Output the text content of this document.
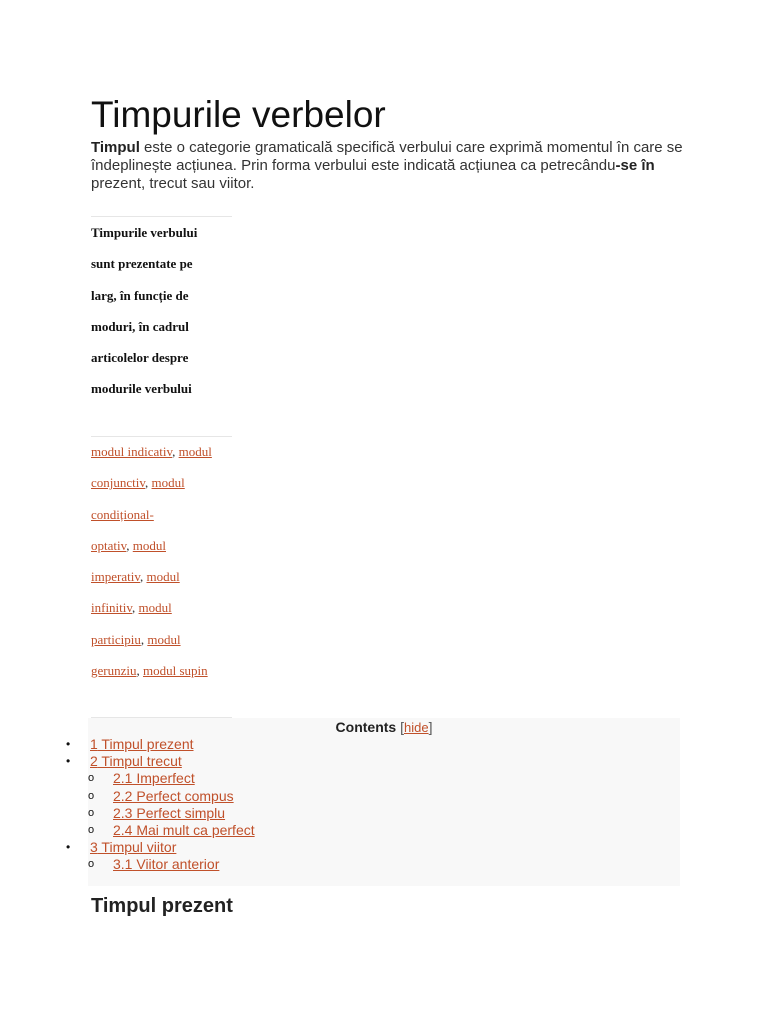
Timpurile verbelor

Timpul este o categorie gramaticală specifică verbului care exprimă momentul în care se îndeplinește acțiunea. Prin forma verbului este indicată acțiunea ca petrecându-se în prezent, trecut sau viitor.

Timpurile verbului
sunt prezentate pe
larg, în funcție de
moduri, în cadrul
articolelor despre
modurile verbului
modul indicativ, modul
conjunctiv, modul
condițional-
optativ, modul
imperativ, modul
infinitiv, modul
participiu, modul
gerunziu, modul supin
Contents [hide]
• 1 Timpul prezent
• 2 Timpul trecut
o 2.1 Imperfect
o 2.2 Perfect compus
o 2.3 Perfect simplu
o 2.4 Mai mult ca perfect
• 3 Timpul viitor
o 3.1 Viitor anterior
Timpul prezent
